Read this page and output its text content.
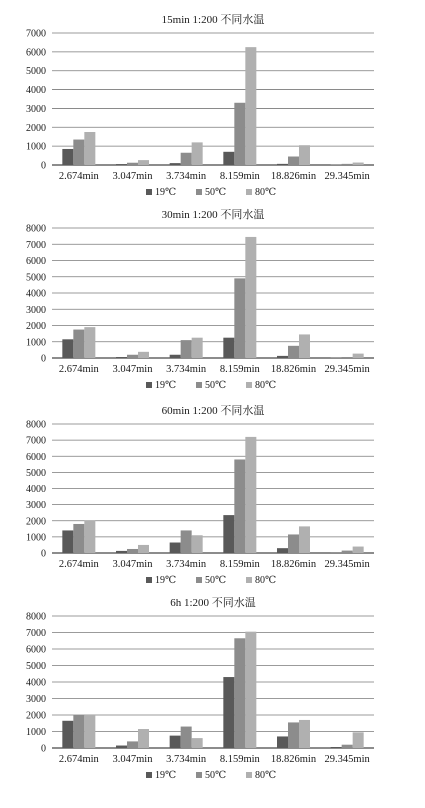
15min 1:200 不同水温
0
1000
2000
3000
4000
5000
6000
7000
2.674min 3.047min 3.734min 8.159min 18.826min 29.345min
19℃	50℃	80℃
30min 1:200 不同水温
0
1000
2000
3000
4000
5000
6000
7000
8000
2.674min 3.047min 3.734min 8.159min 18.826min 29.345min
19℃	50℃	80℃
60min 1:200 不同水温
0
1000
2000
3000
4000
5000
6000
7000
8000
2.674min 3.047min 3.734min 8.159min 18.826min 29.345min
19℃	50℃	80℃
6h 1:200 不同水温
0
1000
2000
3000
4000
5000
6000
7000
8000
2.674min 3.047min 3.734min 8.159min 18.826min 29.345min
19℃	50℃	80℃
